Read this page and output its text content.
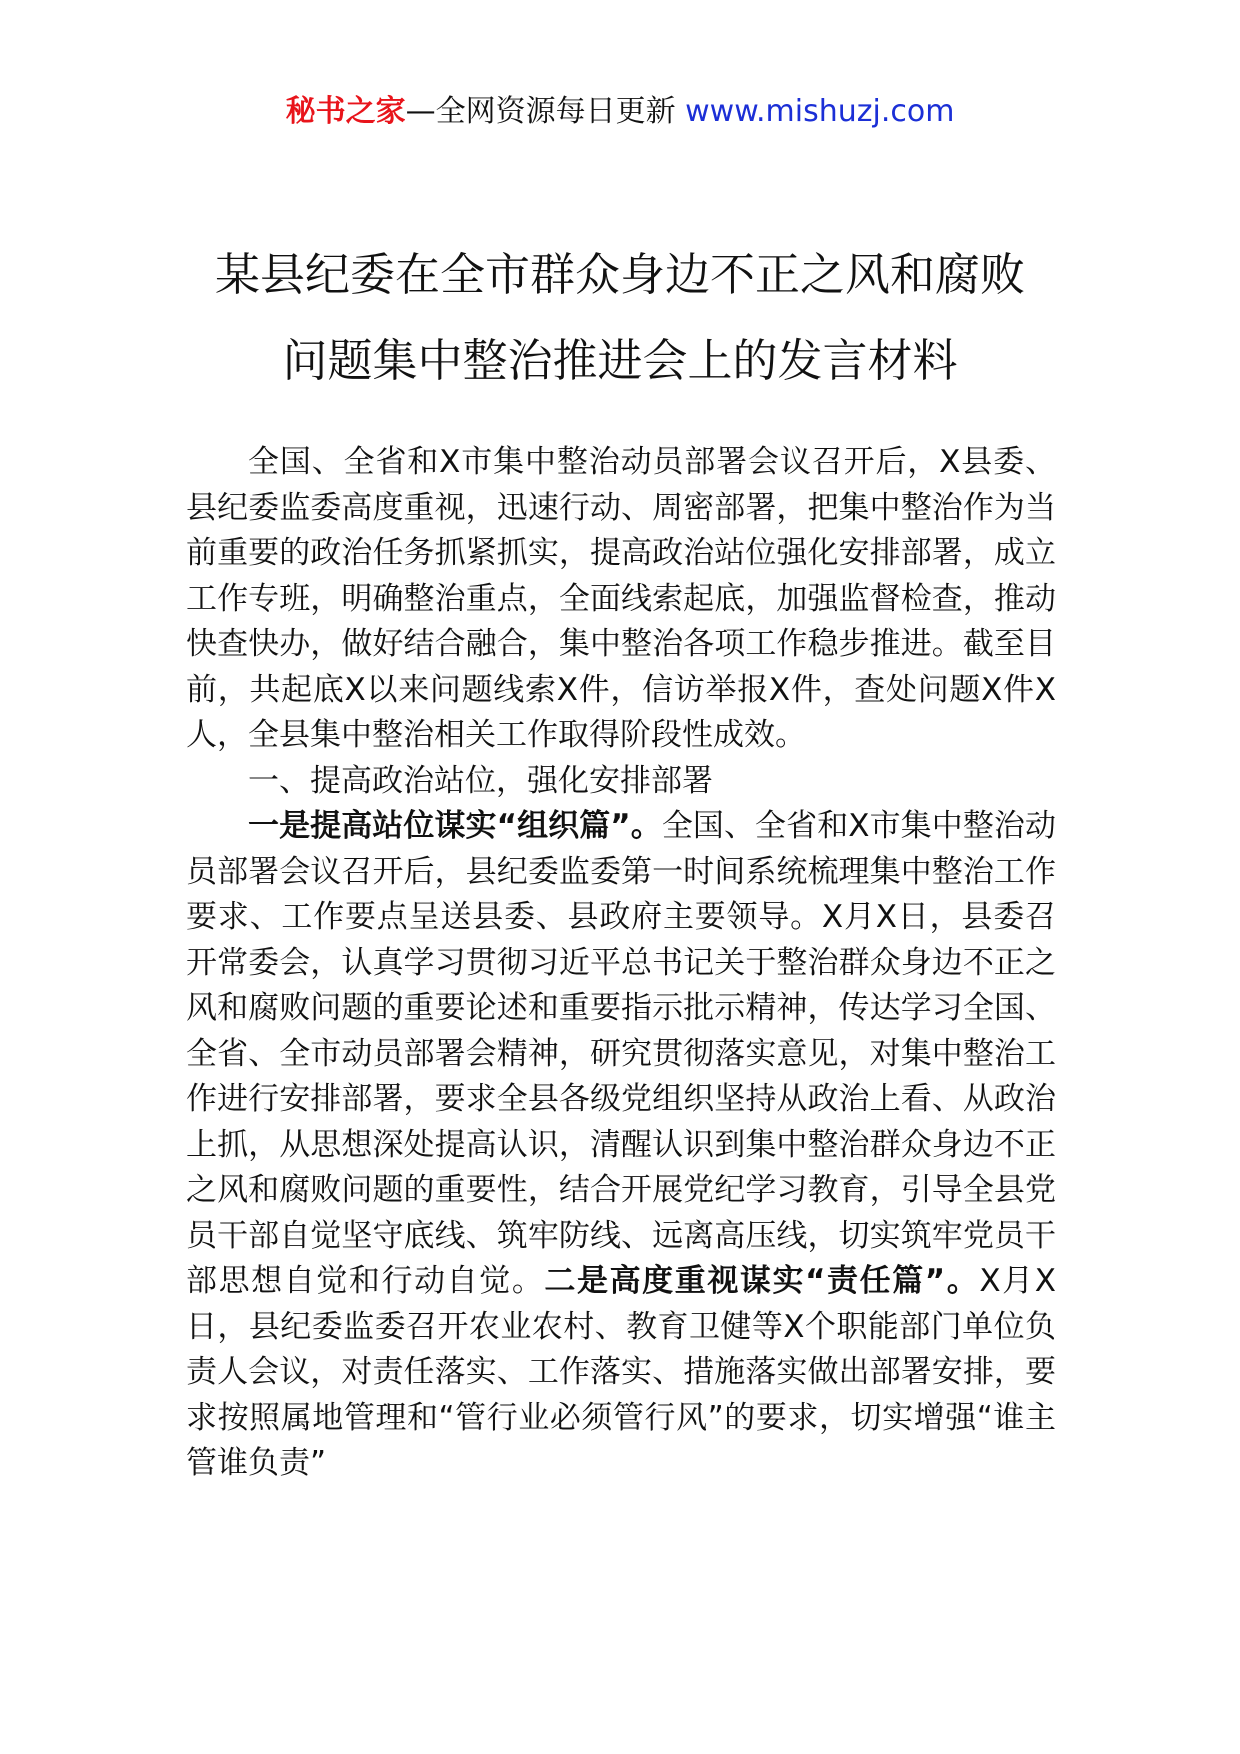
秘书之家—全网资源每日更新 www.mishuzj.com
某县纪委在全市群众身边不正之风和腐败
问题集中整治推进会上的发言材料

全国、全省和X市集中整治动员部署会议召开后，X县委、县纪委监委高度重视，迅速行动、周密部署，把集中整治作为当前重要的政治任务抓紧抓实，提高政治站位强化安排部署，成立工作专班，明确整治重点，全面线索起底，加强监督检查，推动快查快办，做好结合融合，集中整治各项工作稳步推进。截至目前，共起底X以来问题线索X件，信访举报X件，查处问题X件X人，全县集中整治相关工作取得阶段性成效。

一、提高政治站位，强化安排部署

一是提高站位谋实“组织篇”。全国、全省和X市集中整治动员部署会议召开后，县纪委监委第一时间系统梳理集中整治工作要求、工作要点呈送县委、县政府主要领导。X月X日，县委召开常委会，认真学习贯彻习近平总书记关于整治群众身边不正之风和腐败问题的重要论述和重要指示批示精神，传达学习全国、全省、全市动员部署会精神，研究贯彻落实意见，对集中整治工作进行安排部署，要求全县各级党组织坚持从政治上看、从政治上抓，从思想深处提高认识，清醒认识到集中整治群众身边不正之风和腐败问题的重要性，结合开展党纪学习教育，引导全县党员干部自觉坚守底线、筑牢防线、远离高压线，切实筑牢党员干部思想自觉和行动自觉。二是高度重视谋实“责任篇”。X月X日，县纪委监委召开农业农村、教育卫健等X个职能部门单位负责人会议，对责任落实、工作落实、措施落实做出部署安排，要求按照属地管理和“管行业必须管行风”的要求，切实增强“谁主管谁负责”
